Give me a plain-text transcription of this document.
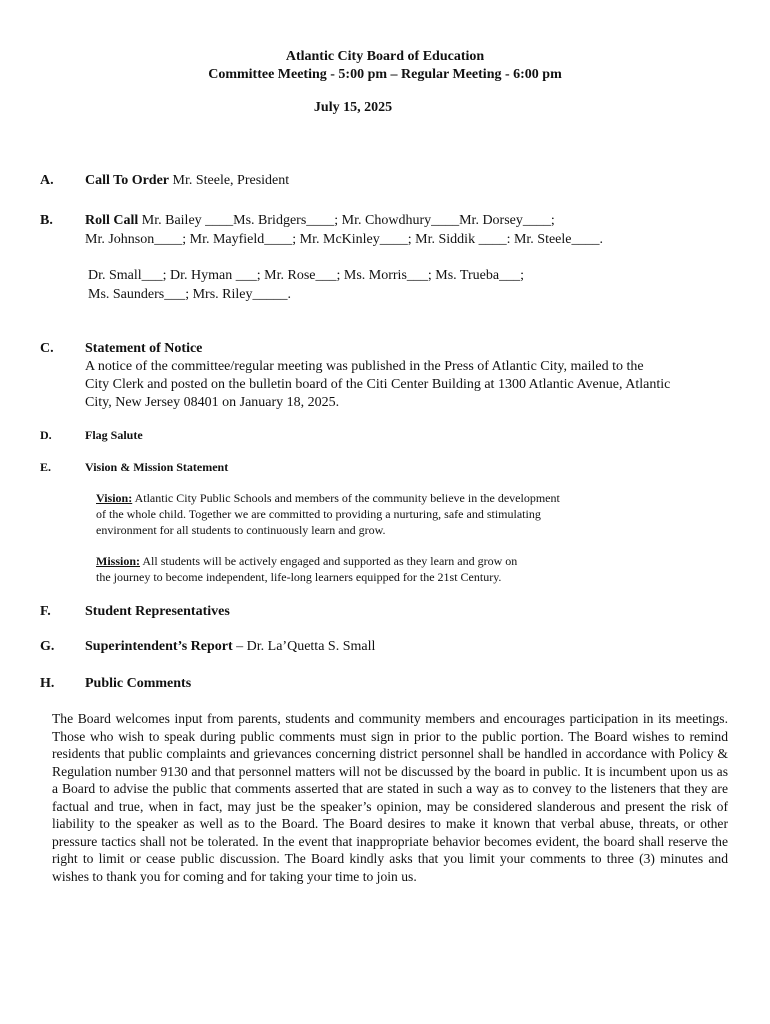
Atlantic City Board of Education
Committee Meeting - 5:00 pm – Regular Meeting - 6:00 pm
July 15, 2025
A. Call To Order Mr. Steele, President
B. Roll Call Mr. Bailey ____Ms. Bridgers____; Mr. Chowdhury____Mr. Dorsey____;
Mr. Johnson____; Mr. Mayfield____; Mr. McKinley____; Mr. Siddik ____: Mr. Steele____.
Dr. Small___; Dr. Hyman ___; Mr. Rose___; Ms. Morris___; Ms. Trueba___;
Ms. Saunders___; Mrs. Riley_____.
C. Statement of Notice
A notice of the committee/regular meeting was published in the Press of Atlantic City, mailed to the
City Clerk and posted on the bulletin board of the Citi Center Building at 1300 Atlantic Avenue, Atlantic
City, New Jersey 08401 on January 18, 2025.
D.	Flag Salute
E.	Vision & Mission Statement
Vision: Atlantic City Public Schools and members of the community believe in the development
of the whole child. Together we are committed to providing a nurturing, safe and stimulating
environment for all students to continuously learn and grow.
Mission: All students will be actively engaged and supported as they learn and grow on
the journey to become independent, life-long learners equipped for the 21st Century.
F. Student Representatives
G. Superintendent’s Report – Dr. La’Quetta S. Small
H. Public Comments

The Board welcomes input from parents, students and community members and encourages participation in its meetings. Those who wish to speak during public comments must sign in prior to the public portion. The Board wishes to remind residents that public complaints and grievances concerning district personnel shall be handled in accordance with Policy & Regulation number 9130 and that personnel matters will not be discussed by the board in public. It is incumbent upon us as a Board to advise the public that comments asserted that are stated in such a way as to convey to the listeners that they are factual and true, when in fact, may just be the speaker’s opinion, may be considered slanderous and present the risk of liability to the speaker as well as to the Board. The Board desires to make it known that verbal abuse, threats, or other pressure tactics shall not be tolerated. In the event that inappropriate behavior becomes evident, the board shall reserve the right to limit or cease public discussion. The Board kindly asks that you limit your comments to three (3) minutes and wishes to thank you for coming and for taking your time to join us.
